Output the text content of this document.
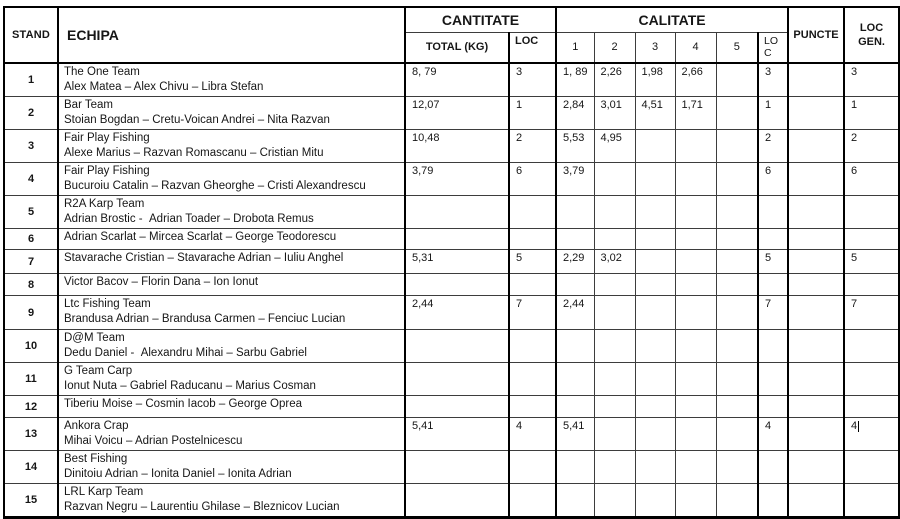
STAND	ECHIPA	CANTITATE		CALITATE						PUNCTE	LOC GEN.
		TOTAL (KG)	LOC	1	2	3	4	5	LOC		
1	The One Team
Alex Matea – Alex Chivu – Libra Stefan	8, 79	3	1, 89	2,26	1,98	2,66		3		3
2	Bar Team
Stoian Bogdan – Cretu-Voican Andrei – Nita Razvan	12,07	1	2,84	3,01	4,51	1,71		1		1
3	Fair Play Fishing
Alexe Marius – Razvan Romascanu – Cristian Mitu	10,48	2	5,53	4,95				2		2
4	Fair Play Fishing
Bucuroiu Catalin – Razvan Gheorghe – Cristi Alexandrescu	3,79	6	3,79					6		6
5	R2A Karp Team
Adrian Brostic -  Adrian Toader – Drobota Remus										

6	Adrian Scarlat – Mircea Scarlat – George Teodorescu										

7	Stavarache Cristian – Stavarache Adrian – Iuliu Anghel	5,31	5	2,29	3,02				5		5
8	Victor Bacov – Florin Dana – Ion Ionut										

9	Ltc Fishing Team
Brandusa Adrian – Brandusa Carmen – Fenciuc Lucian	2,44	7	2,44					7		7
10	D@M Team
Dedu Daniel -  Alexandru Mihai – Sarbu Gabriel										

11	G Team Carp
Ionut Nuta – Gabriel Raducanu – Marius Cosman										

12	Tiberiu Moise – Cosmin Iacob – George Oprea										

13	Ankora Crap
Mihai Voicu – Adrian Postelnicescu	5,41	4	5,41					4		4
14	Best Fishing
Dinitoiu Adrian – Ionita Daniel – Ionita Adrian										

15	LRL Karp Team
Razvan Negru – Laurentiu Ghilase – Bleznicov Lucian										
